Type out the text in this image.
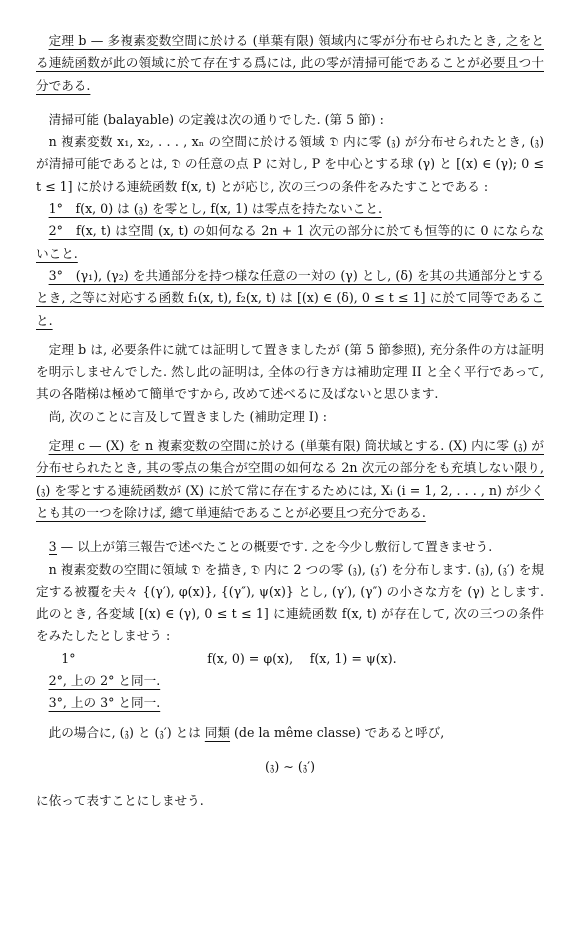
定理 b — 多複素変数空間に於ける (単葉有限) 領域内に零が分布せられたとき, 之をとる連続函数が此の領域に於て存在する爲には, 此の零が清掃可能であることが必要且つ十分である.

清掃可能 (balayable) の定義は次の通りでした. (第 5 節) :

n 複素変数 x₁, x₂, . . . , xₙ の空間に於ける領域 𝔇 内に零 (𝔷) が分布せられたとき, (𝔷) が清掃可能であるとは, 𝔇 の任意の点 P に対し, P を中心とする球 (γ) と [(x) ∈ (γ); 0 ≤ t ≤ 1] に於ける連続函数 f(x, t) とが応じ, 次の三つの条件をみたすことである :

1°　f(x, 0) は (𝔷) を零とし, f(x, 1) は零点を持たないこと.

2°　f(x, t) は空間 (x, t) の如何なる 2n + 1 次元の部分に於ても恒等的に 0 にならないこと.

3°　(γ₁), (γ₂) を共通部分を持つ様な任意の一対の (γ) とし, (δ) を其の共通部分とするとき, 之等に対応する函数 f₁(x, t), f₂(x, t) は [(x) ∈ (δ), 0 ≤ t ≤ 1] に於て同等であること.

定理 b は, 必要条件に就ては証明して置きましたが (第 5 節参照), 充分条件の方は証明を明示しませんでした. 然し此の証明は, 全体の行き方は補助定理 II と全く平行であって, 其の各階梯は極めて簡単ですから, 改めて述べるに及ばないと思ひます.

尚, 次のことに言及して置きました (補助定理 I) :

定理 c — (X) を n 複素変数の空間に於ける (単葉有限) 筒状域とする. (X) 内に零 (𝔷) が分布せられたとき, 其の零点の集合が空間の如何なる 2n 次元の部分をも充填しない限り, (𝔷) を零とする連続函数が (X) に於て常に存在するためには, Xᵢ (i = 1, 2, . . . , n) が少くとも其の一つを除けば, 總て単連結であることが必要且つ充分である.

3 — 以上が第三報告で述べたことの概要です. 之を今少し敷衍して置きませう.

n 複素変数の空間に領域 𝔇 を描き, 𝔇 内に 2 つの零 (𝔷), (𝔷′) を分布します. (𝔷), (𝔷′) を規定する被覆を夫々 {(γ′), φ(x)}, {(γ″), ψ(x)} とし, (γ′), (γ″) の小さな方を (γ) とします. 此のとき, 各変域 [(x) ∈ (γ), 0 ≤ t ≤ 1] に連続函数 f(x, t) が存在して, 次の三つの条件をみたしたとしませう :

1°	f(x, 0) = φ(x),　 f(x, 1) = ψ(x).

2°, 上の 2° と同一.

3°, 上の 3° と同一.

此の場合に, (𝔷) と (𝔷′) とは 同類 (de la même classe) であると呼び,

(𝔷) ∼ (𝔷′)

に依って表すことにしませう.
